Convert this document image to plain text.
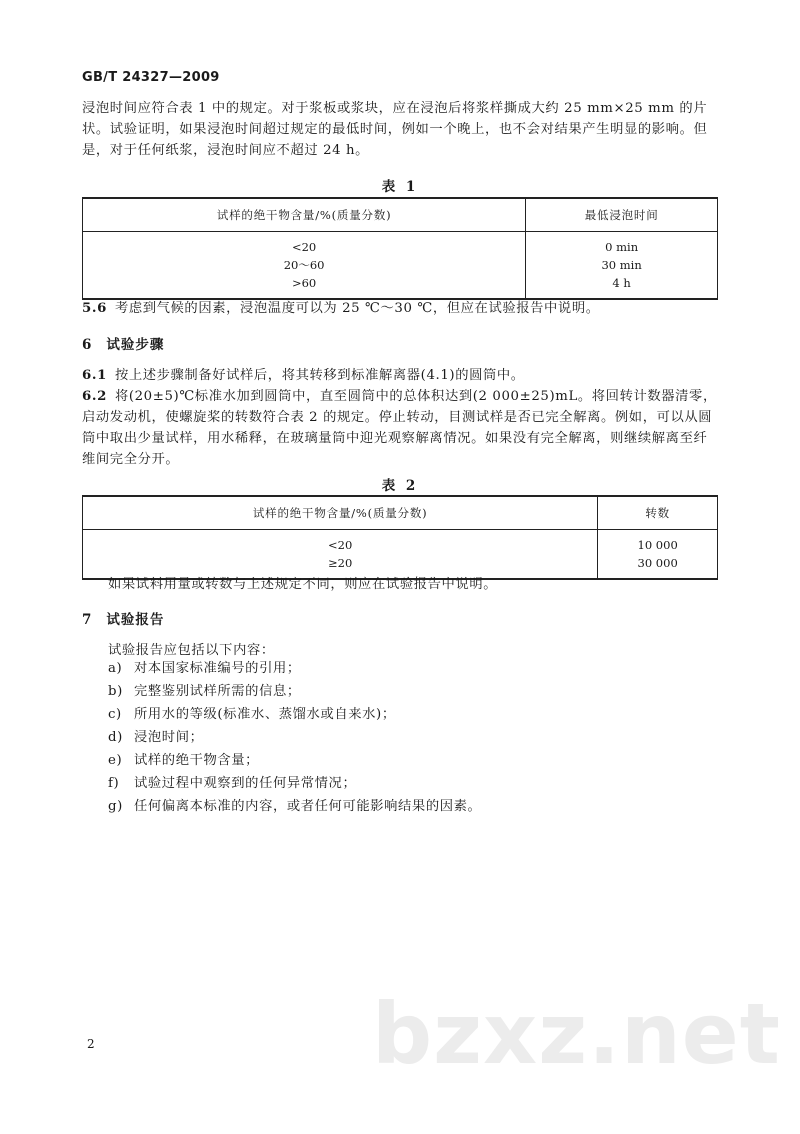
GB/T 24327—2009
浸泡时间应符合表 1 中的规定。对于浆板或浆块，应在浸泡后将浆样撕成大约 25 mm×25 mm 的片
状。试验证明，如果浸泡时间超过规定的最低时间，例如一个晚上，也不会对结果产生明显的影响。但
是，对于任何纸浆，浸泡时间应不超过 24 h。
表 1
试样的绝干物含量/%(质量分数)	最低浸泡时间
<20	0 min
20～60	30 min
>60	4 h
5.6 考虑到气候的因素，浸泡温度可以为 25 ℃～30 ℃，但应在试验报告中说明。
6 试验步骤
6.1 按上述步骤制备好试样后，将其转移到标准解离器(4.1)的圆筒中。
6.2 将(20±5)℃标准水加到圆筒中，直至圆筒中的总体积达到(2 000±25)mL。将回转计数器清零，
启动发动机，使螺旋桨的转数符合表 2 的规定。停止转动，目测试样是否已完全解离。例如，可以从圆
筒中取出少量试样，用水稀释，在玻璃量筒中迎光观察解离情况。如果没有完全解离，则继续解离至纤
维间完全分开。
表 2
试样的绝干物含量/%(质量分数)	转数
<20	10 000
≥20	30 000
如果试料用量或转数与上述规定不同，则应在试验报告中说明。
7 试验报告
试验报告应包括以下内容：
a) 对本国家标准编号的引用；
b) 完整鉴别试样所需的信息；
c) 所用水的等级(标准水、蒸馏水或自来水)；
d) 浸泡时间；
e) 试样的绝干物含量；
f) 试验过程中观察到的任何异常情况；
g) 任何偏离本标准的内容，或者任何可能影响结果的因素。
bzxz.net
2
